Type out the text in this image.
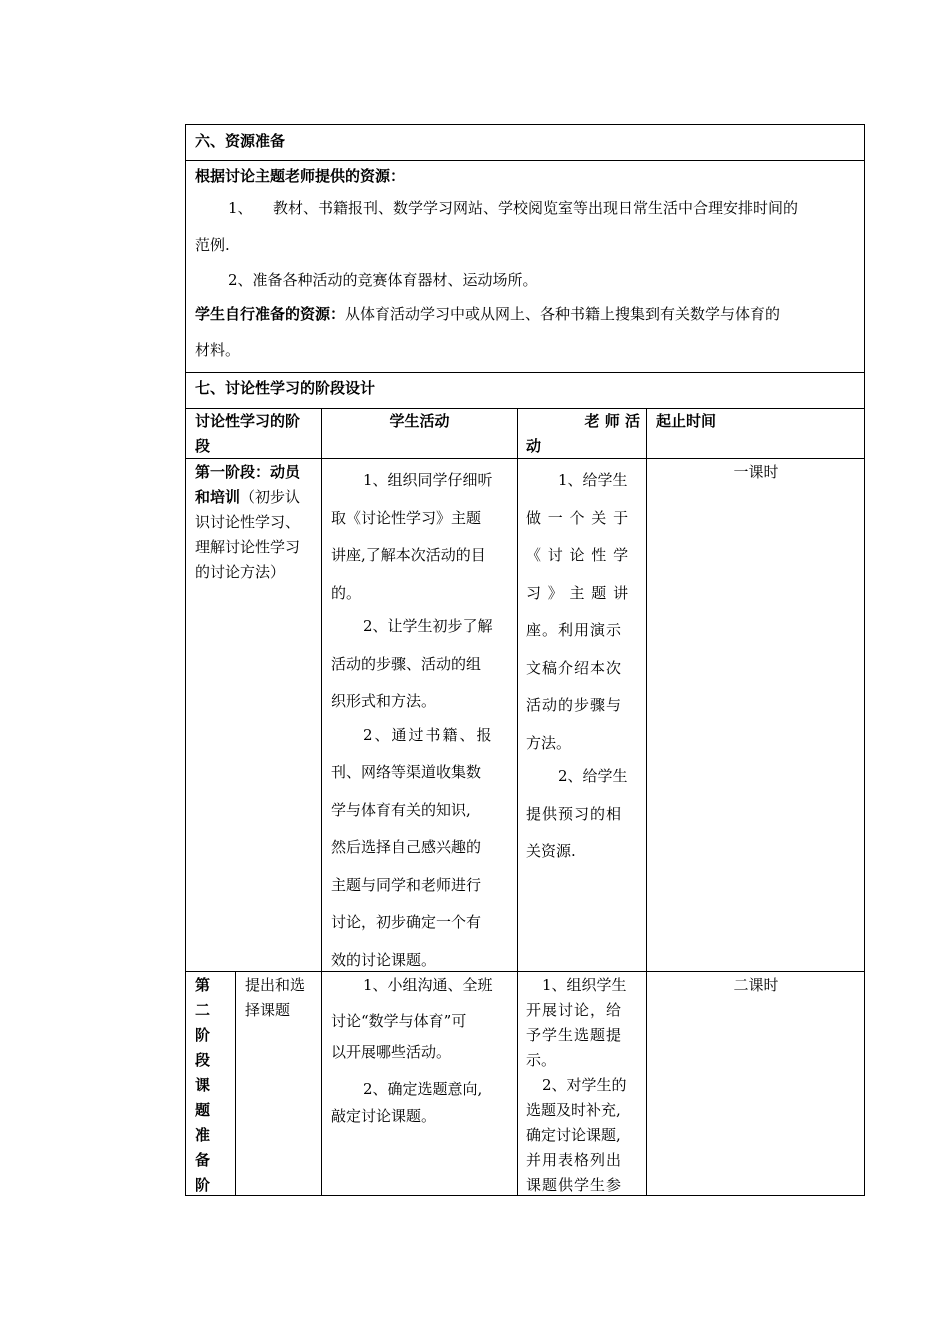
六、资源准备
根据讨论主题老师提供的资源：
1、 教材、书籍报刊、数学学习网站、学校阅览室等出现日常生活中合理安排时间的
范例.
2、准备各种活动的竞赛体育器材、运动场所。
学生自行准备的资源：从体育活动学习中或从网上、各种书籍上搜集到有关数学与体育的
材料。
七、讨论性学习的阶段设计
讨论性学习的阶
段
学生活动	老 师 活
动
起止时间
第一阶段：动员
和培训（初步认
识讨论性学习、
理解讨论性学习
的讨论方法）
1、组织同学仔细听
取《讨论性学习》主题
讲座,了解本次活动的目
的。
2、让学生初步了解
活动的步骤、活动的组
织形式和方法。
2、通过书籍、报
刊、网络等渠道收集数
学与体育有关的知识,
然后选择自己感兴趣的
主题与同学和老师进行
讨论，初步确定一个有
效的讨论课题。
1、给学生
做 一 个 关 于
《 讨 论 性 学
习 》 主 题 讲
座。利用演示
文稿介绍本次
活动的步骤与
方法。
2、给学生
提供预习的相
关资源.
一课时
第
二
阶
段
课
题
准
备
阶
提出和选
择课题
1、小组沟通、全班
讨论“数学与体育”可
以开展哪些活动。
2、确定选题意向,
敲定讨论课题。
1、组织学生
开展讨论，给
予学生选题提
示。
2、对学生的
选题及时补充,
确定讨论课题,
并用表格列出
课题供学生参
二课时
